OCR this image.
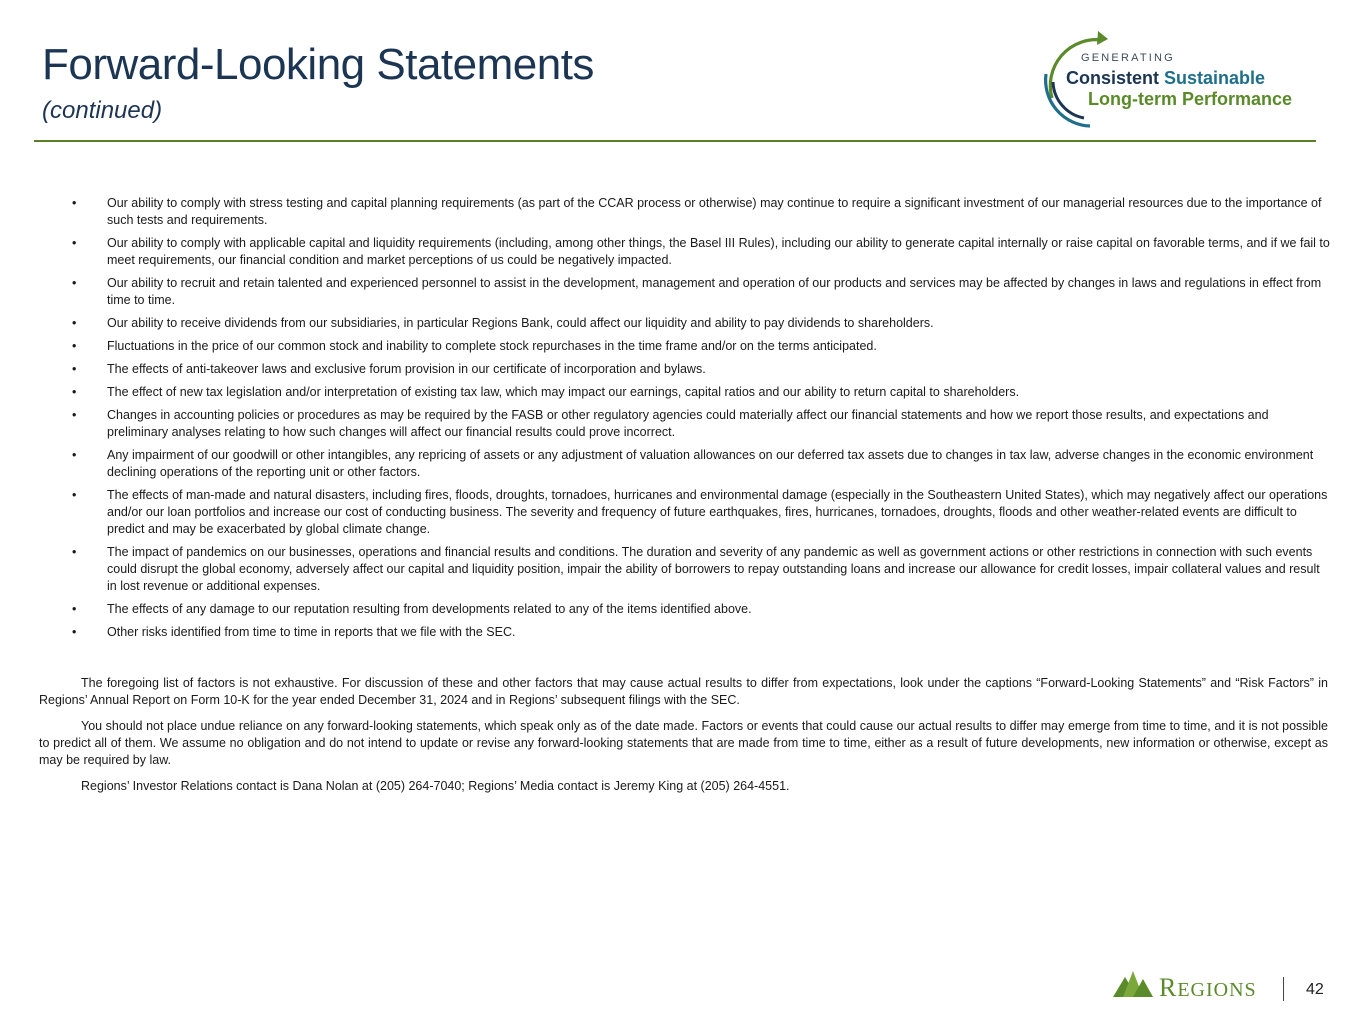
Forward-Looking Statements
(continued)
GENERATING
Consistent Sustainable
Long-term Performance
• Our ability to comply with stress testing and capital planning requirements (as part of the CCAR process or otherwise) may continue to require a significant investment of our managerial resources due to the importance of such tests and requirements.
• Our ability to comply with applicable capital and liquidity requirements (including, among other things, the Basel III Rules), including our ability to generate capital internally or raise capital on favorable terms, and if we fail to meet requirements, our financial condition and market perceptions of us could be negatively impacted.
• Our ability to recruit and retain talented and experienced personnel to assist in the development, management and operation of our products and services may be affected by changes in laws and regulations in effect from time to time.
• Our ability to receive dividends from our subsidiaries, in particular Regions Bank, could affect our liquidity and ability to pay dividends to shareholders.
• Fluctuations in the price of our common stock and inability to complete stock repurchases in the time frame and/or on the terms anticipated.
• The effects of anti-takeover laws and exclusive forum provision in our certificate of incorporation and bylaws.
• The effect of new tax legislation and/or interpretation of existing tax law, which may impact our earnings, capital ratios and our ability to return capital to shareholders.
• Changes in accounting policies or procedures as may be required by the FASB or other regulatory agencies could materially affect our financial statements and how we report those results, and expectations and preliminary analyses relating to how such changes will affect our financial results could prove incorrect.
• Any impairment of our goodwill or other intangibles, any repricing of assets or any adjustment of valuation allowances on our deferred tax assets due to changes in tax law, adverse changes in the economic environment declining operations of the reporting unit or other factors.
• The effects of man-made and natural disasters, including fires, floods, droughts, tornadoes, hurricanes and environmental damage (especially in the Southeastern United States), which may negatively affect our operations and/or our loan portfolios and increase our cost of conducting business. The severity and frequency of future earthquakes, fires, hurricanes, tornadoes, droughts, floods and other weather-related events are difficult to predict and may be exacerbated by global climate change.
• The impact of pandemics on our businesses, operations and financial results and conditions. The duration and severity of any pandemic as well as government actions or other restrictions in connection with such events could disrupt the global economy, adversely affect our capital and liquidity position, impair the ability of borrowers to repay outstanding loans and increase our allowance for credit losses, impair collateral values and result in lost revenue or additional expenses.
• The effects of any damage to our reputation resulting from developments related to any of the items identified above.
• Other risks identified from time to time in reports that we file with the SEC.

The foregoing list of factors is not exhaustive. For discussion of these and other factors that may cause actual results to differ from expectations, look under the captions “Forward-Looking Statements” and “Risk Factors” in Regions’ Annual Report on Form 10-K for the year ended December 31, 2024 and in Regions’ subsequent filings with the SEC.

You should not place undue reliance on any forward-looking statements, which speak only as of the date made. Factors or events that could cause our actual results to differ may emerge from time to time, and it is not possible to predict all of them. We assume no obligation and do not intend to update or revise any forward-looking statements that are made from time to time, either as a result of future developments, new information or otherwise, except as may be required by law.

Regions’ Investor Relations contact is Dana Nolan at (205) 264-7040; Regions’ Media contact is Jeremy King at (205) 264-4551.

REGIONS	42
